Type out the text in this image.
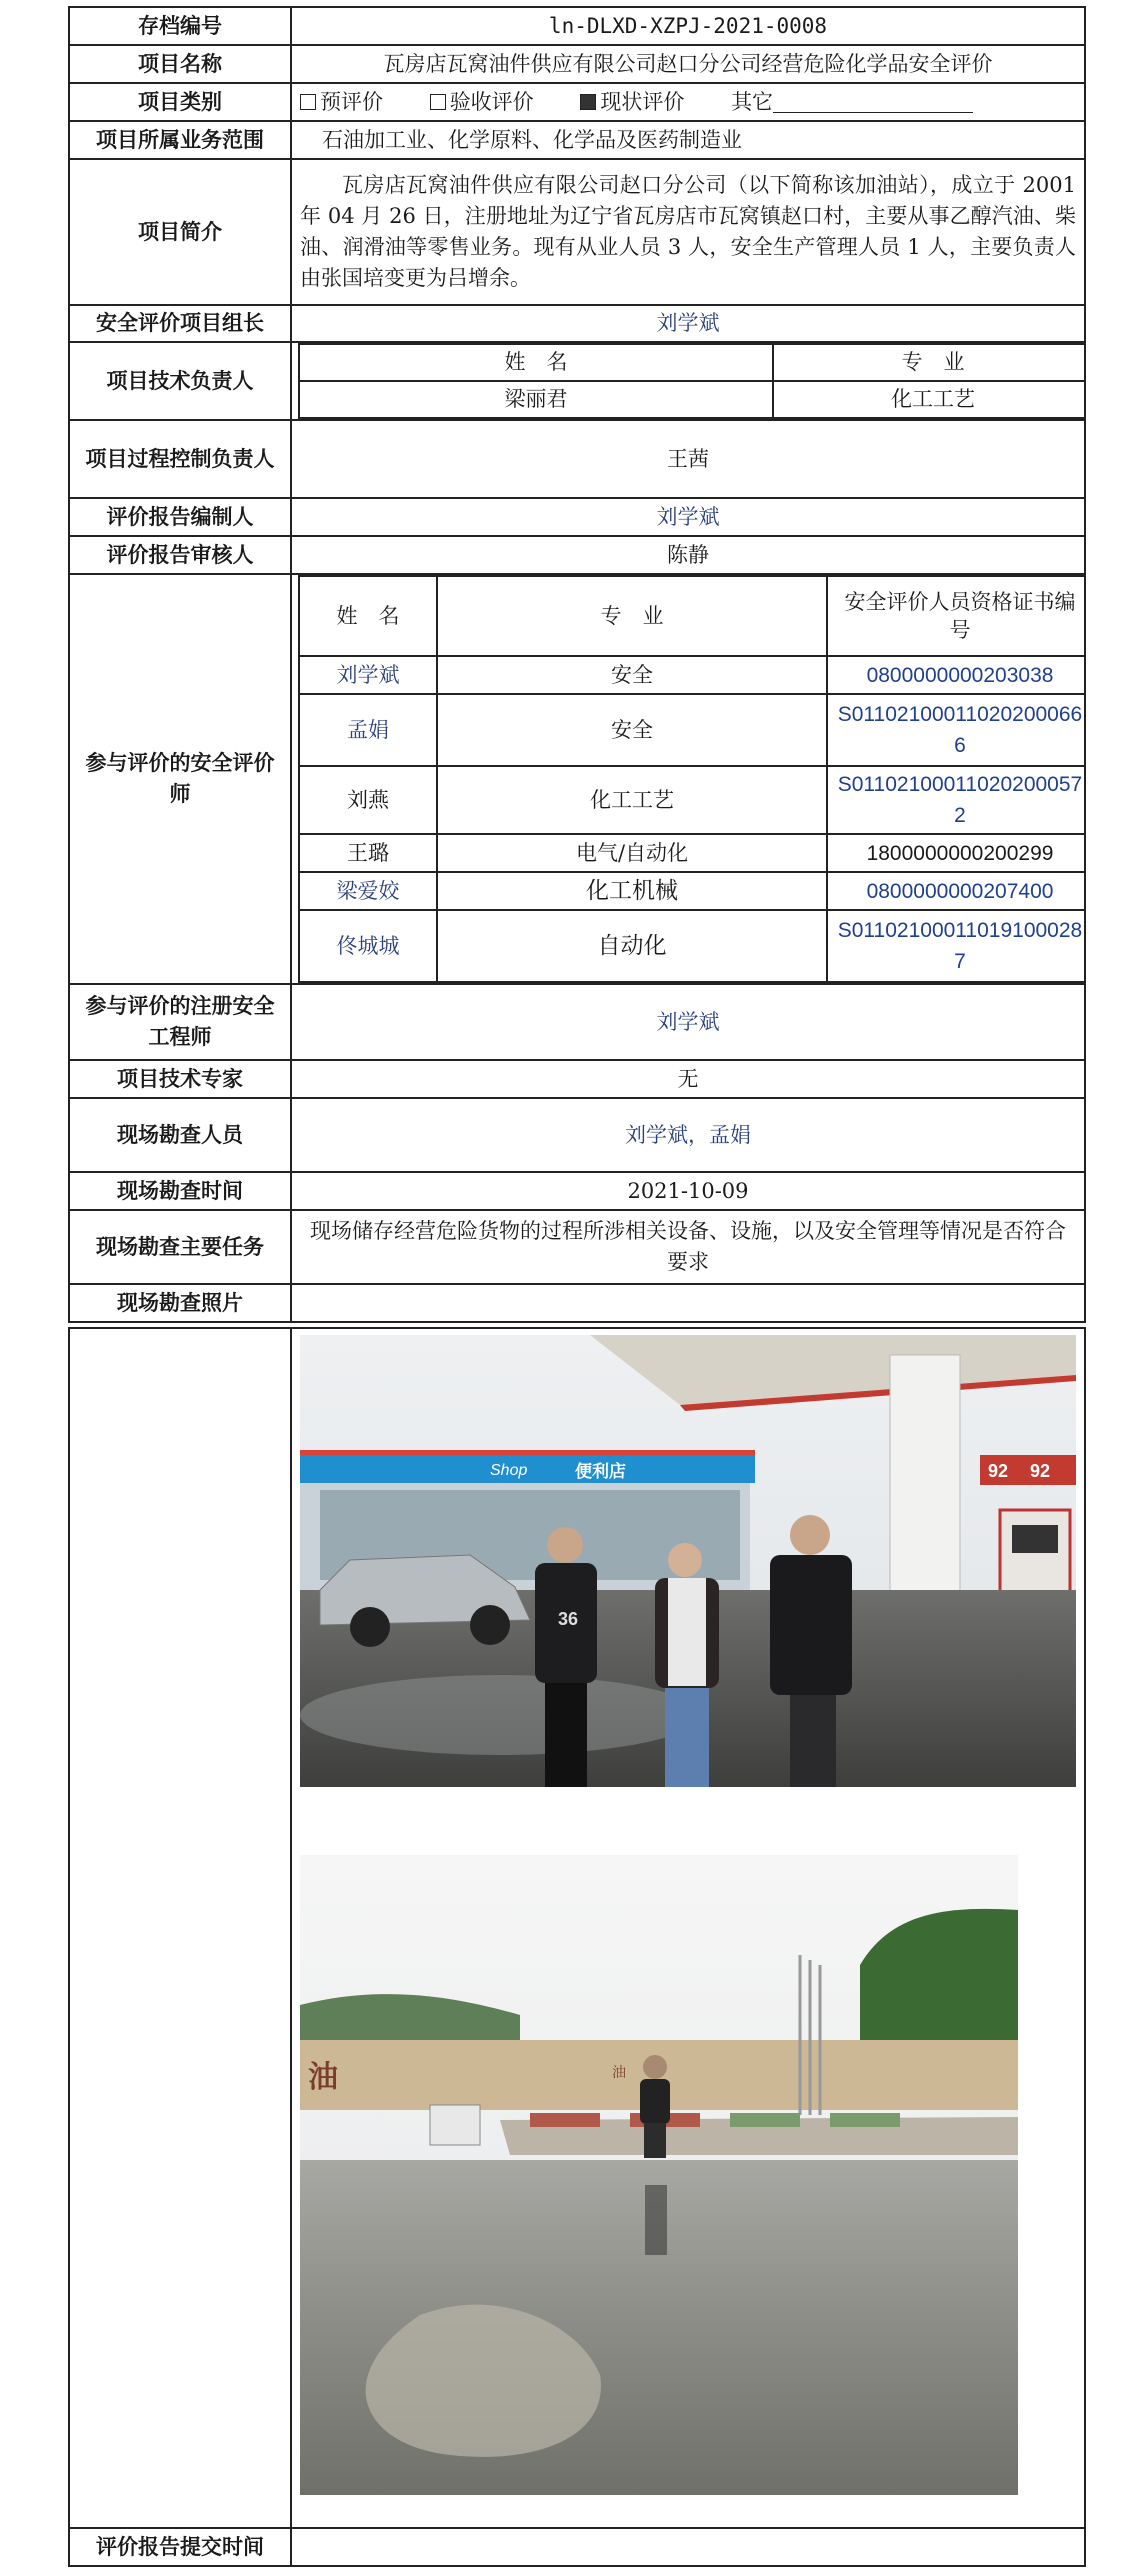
存档编号	ln-DLXD-XZPJ-2021-0008
项目名称	瓦房店瓦窝油件供应有限公司赵口分公司经营危险化学品安全评价
项目类别	预评价	验收评价	现状评价 其它
项目所属业务范围	石油加工业、化学原料、化学品及医药制造业
项目简介	瓦房店瓦窝油件供应有限公司赵口分公司（以下简称该加油站），成立于 2001 年 04 月 26 日，注册地址为辽宁省瓦房店市瓦窝镇赵口村，主要从事乙醇汽油、柴油、润滑油等零售业务。现有从业人员 3 人，安全生产管理人员 1 人，主要负责人由张国培变更为吕增余。
安全评价项目组长	刘学斌
项目技术负责人	
姓　名	专　业
梁丽君	化工工艺

项目过程控制负责人	王茜
评价报告编制人	刘学斌
评价报告审核人	陈静
参与评价的安全评价师	
姓　名	专　业	安全评价人员资格证书编号
刘学斌	安全	0800000000203038
孟娟	安全	S011021000110202000666
刘燕	化工工艺	S011021000110202000572
王璐	电气/自动化	1800000000200299
梁爱姣	化工机械	0800000000207400
佟城城	自动化	S011021000110191000287

参与评价的注册安全工程师	刘学斌
项目技术专家	无
现场勘查人员	刘学斌，孟娟
现场勘查时间	2021-10-09
现场勘查主要任务	现场储存经营危险货物的过程所涉相关设备、设施，以及安全管理等情况是否符合要求
现场勘查照片	

评价报告提交时间	
Shop	便利店	92 92
36
油	油
